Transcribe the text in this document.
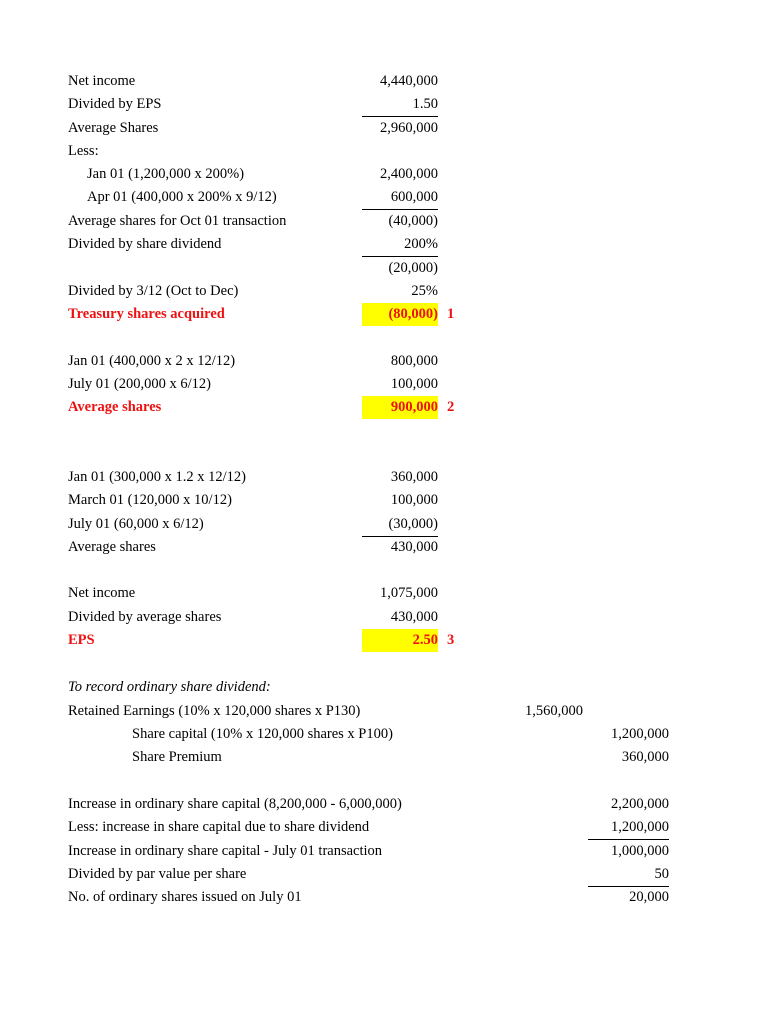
Net income	4,440,000
Divided by EPS	1.50
Average Shares	2,960,000
Less:
Jan 01 (1,200,000 x 200%)	2,400,000
Apr 01 (400,000 x 200% x 9/12)	600,000
Average shares for Oct 01 transaction	(40,000)
Divided by share dividend	200%
(20,000)
Divided by 3/12 (Oct to Dec)	25%
Treasury shares acquired	(80,000) 1
Jan 01 (400,000 x 2 x 12/12)	800,000
July 01 (200,000 x 6/12)	100,000
Average shares	900,000 2
Jan 01 (300,000 x 1.2 x 12/12)	360,000
March 01 (120,000 x 10/12)	100,000
July 01 (60,000 x 6/12)	(30,000)
Average shares	430,000
Net income	1,075,000
Divided by average shares	430,000
EPS	2.50 3
To record ordinary share dividend:
Retained Earnings (10% x 120,000 shares x P130)	1,560,000
Share capital (10% x 120,000 shares x P100)	1,200,000
Share Premium	360,000
Increase in ordinary share capital (8,200,000 - 6,000,000)	2,200,000
Less: increase in share capital due to share dividend	1,200,000
Increase in ordinary share capital - July 01 transaction	1,000,000
Divided by par value per share	50
No. of ordinary shares issued on July 01	20,000
